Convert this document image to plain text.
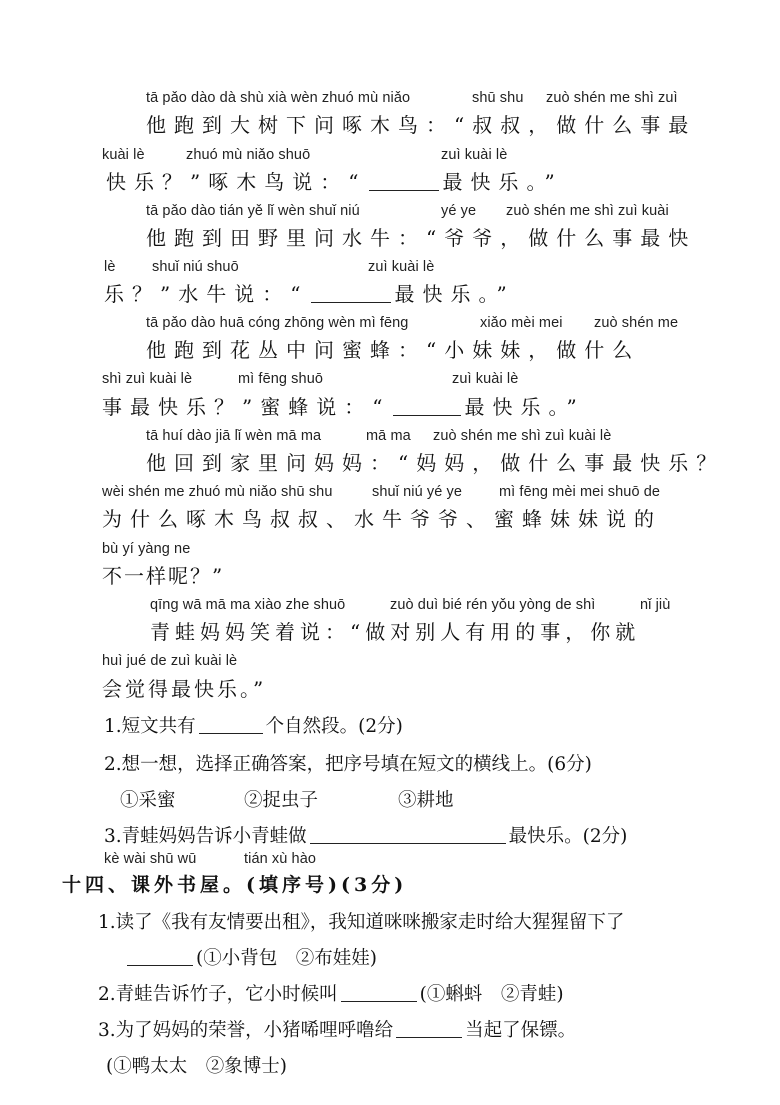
tā pǎo dào dà shù xià wèn zhuó mù niǎo	shū shu zuò shén me shì zuì
他跑到大树下问啄木鸟：“叔叔，做什么事最
kuài lè	zhuó mù niǎo shuō	zuì kuài lè
快乐？”啄木鸟说：“	最快乐。”
tā pǎo dào tián yě lǐ wèn shuǐ niú	yé ye zuò shén me shì zuì kuài
他跑到田野里问水牛：“爷爷，做什么事最快
lè	shuǐ niú shuō	zuì kuài lè
乐？”水牛说：“	最快乐。”
tā pǎo dào huā cóng zhōng wèn mì fēng	xiǎo mèi mei zuò shén me
他跑到花丛中问蜜蜂：“小妹妹，做什么
shì zuì kuài lè	mì fēng shuō	zuì kuài lè
事最快乐？”蜜蜂说：“	最快乐。”
tā huí dào jiā lǐ wèn mā ma	mā ma zuò shén me shì zuì kuài lè
他回到家里问妈妈：“妈妈，做什么事最快乐？
wèi shén me zhuó mù niǎo shū shu	shuǐ niú yé ye	mì fēng mèi mei shuō de
为什么啄木鸟叔叔、水牛爷爷、蜜蜂妹妹说的
bù yí yàng ne
不一样呢？”
qīng wā mā ma xiào zhe shuō	zuò duì bié rén yǒu yòng de shì	nǐ jiù
青蛙妈妈笑着说：“做对别人有用的事，你就
huì jué de zuì kuài lè
会觉得最快乐。”
1.短文共有	个自然段。(2分)
2.想一想，选择正确答案，把序号填在短文的横线上。(6分)
①采蜜	②捉虫子	③耕地
3.青蛙妈妈告诉小青蛙做	最快乐。(2分)
kè wài shū wū	tián xù hào
十四、课外书屋。(填序号)(3分)
1.读了《我有友情要出租》，我知道咪咪搬家走时给大猩猩留下了
(①小背包　②布娃娃)
2.青蛙告诉竹子，它小时候叫	(①蝌蚪　②青蛙)
3.为了妈妈的荣誉，小猪唏哩呼噜给	当起了保镖。
(①鸭太太　②象博士)
